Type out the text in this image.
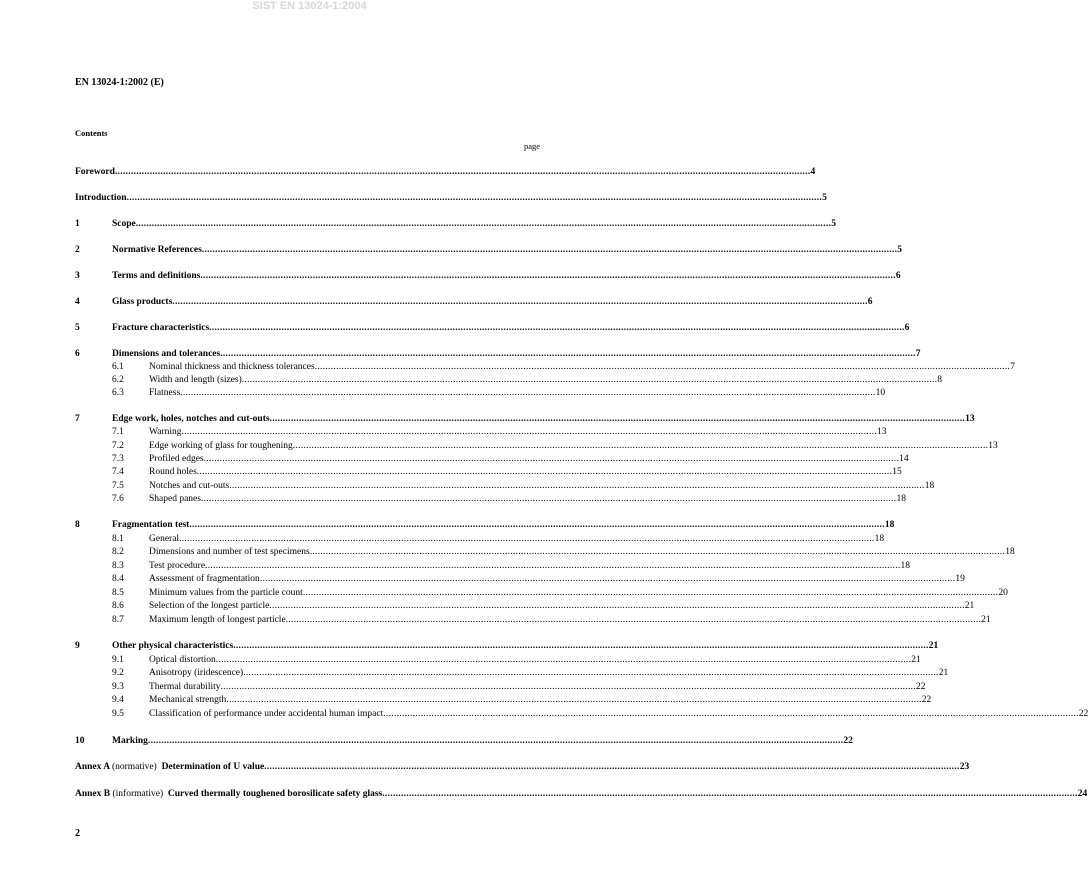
SIST EN 13024-1:2004
EN 13024-1:2002 (E)
Contents
page
Foreword .................................................................................................................................................................................................................................................................... 4
Introduction .................................................................................................................................................................................................................................................................... 5
1	Scope .................................................................................................................................................................................................................................................................... 5
2	Normative References .................................................................................................................................................................................................................................................................... 5
3	Terms and definitions .................................................................................................................................................................................................................................................................... 6
4	Glass products .................................................................................................................................................................................................................................................................... 6
5	Fracture characteristics .................................................................................................................................................................................................................................................................... 6
6	Dimensions and tolerances .................................................................................................................................................................................................................................................................... 7
6.1	Nominal thickness and thickness tolerances .................................................................................................................................................................................................................................................................... 7
6.2	Width and length (sizes) .................................................................................................................................................................................................................................................................... 8
6.3	Flatness .................................................................................................................................................................................................................................................................... 10
7	Edge work, holes, notches and cut-outs .................................................................................................................................................................................................................................................................... 13
7.1	Warning .................................................................................................................................................................................................................................................................... 13
7.2	Edge working of glass for toughening .................................................................................................................................................................................................................................................................... 13
7.3	Profiled edges .................................................................................................................................................................................................................................................................... 14
7.4	Round holes .................................................................................................................................................................................................................................................................... 15
7.5	Notches and cut-outs .................................................................................................................................................................................................................................................................... 18
7.6	Shaped panes .................................................................................................................................................................................................................................................................... 18
8	Fragmentation test .................................................................................................................................................................................................................................................................... 18
8.1	General .................................................................................................................................................................................................................................................................... 18
8.2	Dimensions and number of test specimens .................................................................................................................................................................................................................................................................... 18
8.3	Test procedure .................................................................................................................................................................................................................................................................... 18
8.4	Assessment of fragmentation .................................................................................................................................................................................................................................................................... 19
8.5	Minimum values from the particle count .................................................................................................................................................................................................................................................................... 20
8.6	Selection of the longest particle .................................................................................................................................................................................................................................................................... 21
8.7	Maximum length of longest particle .................................................................................................................................................................................................................................................................... 21
9	Other physical characteristics .................................................................................................................................................................................................................................................................... 21
9.1	Optical distortion .................................................................................................................................................................................................................................................................... 21
9.2	Anisotropy (iridescence) .................................................................................................................................................................................................................................................................... 21
9.3	Thermal durability .................................................................................................................................................................................................................................................................... 22
9.4	Mechanical strength .................................................................................................................................................................................................................................................................... 22
9.5	Classification of performance under accidental human impact .................................................................................................................................................................................................................................................................... 22
10	Marking .................................................................................................................................................................................................................................................................... 22
Annex A (normative) Determination of U value .................................................................................................................................................................................................................................................................... 23
Annex B (informative) Curved thermally toughened borosilicate safety glass .................................................................................................................................................................................................................................................................... 24
2
